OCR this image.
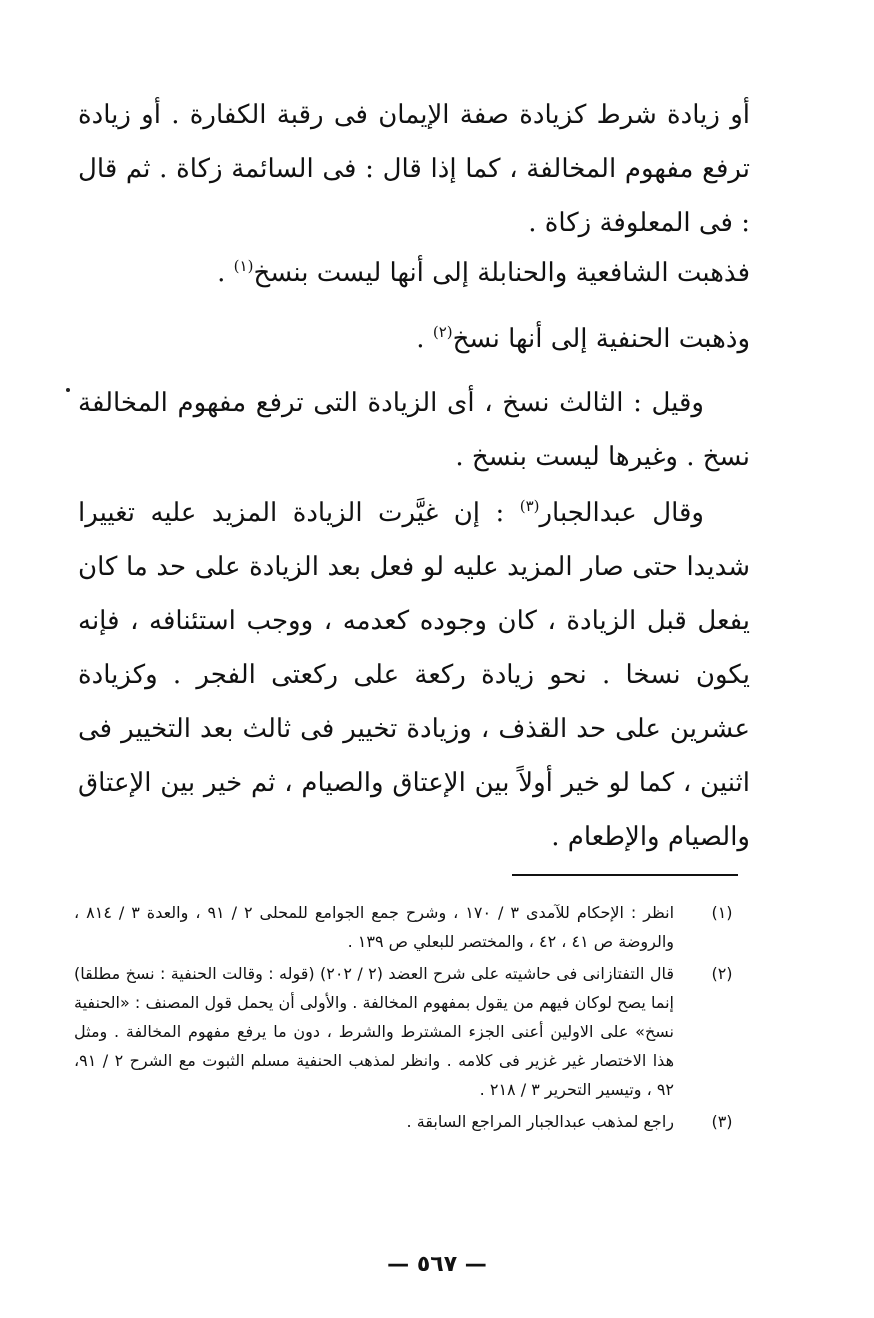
أو زيادة شرط كزيادة صفة الإيمان فى رقبة الكفارة . أو زيادة ترفع مفهوم المخالفة ، كما إذا قال : فى السائمة زكاة . ثم قال : فى المعلوفة زكاة .

فذهبت الشافعية والحنابلة إلى أنها ليست بنسخ$^{(١)}$ .
وذهبت الحنفية إلى أنها نسخ$^{(٢)}$ .

وقيل : الثالث نسخ ، أى الزيادة التى ترفع مفهوم المخالفة نسخ . وغيرها ليست بنسخ .

وقال عبدالجبار$^{(٣)}$ : إن غيَّرت الزيادة المزيد عليه تغييرا شديدا حتى صار المزيد عليه لو فعل بعد الزيادة على حد ما كان يفعل قبل الزيادة ، كان وجوده كعدمه ، ووجب استئنافه ، فإنه يكون نسخا . نحو زيادة ركعة على ركعتى الفجر . وكزيادة عشرين على حد القذف ، وزيادة تخيير فى ثالث بعد التخيير فى اثنين ، كما لو خير أولاً بين الإعتاق والصيام ، ثم خير بين الإعتاق والصيام والإطعام .

(١)
انظر : الإحكام للآمدى ٣ / ١٧٠ ، وشرح جمع الجوامع للمحلى ٢ / ٩١ ، والعدة ٣ / ٨١٤ ، والروضة ص ٤١ ، ٤٢ ، والمختصر للبعلي ص ١٣٩ .
(٢)
قال التفتازانى فى حاشيته على شرح العضد (٢ / ٢٠٢) (قوله : وقالت الحنفية : نسخ مطلقا) إنما يصح لوكان فيهم من يقول بمفهوم المخالفة . والأولى أن يحمل قول المصنف : «الحنفية نسخ» على الاولين أعنى الجزء المشترط والشرط ، دون ما يرفع مفهوم المخالفة . ومثل هذا الاختصار غير غزير فى كلامه . وانظر لمذهب الحنفية مسلم الثبوت مع الشرح ٢ / ٩١، ٩٢ ، وتيسير التحرير ٣ / ٢١٨ .
(٣)
راجع لمذهب عبدالجبار المراجع السابقة .
— ٥٦٧ —
